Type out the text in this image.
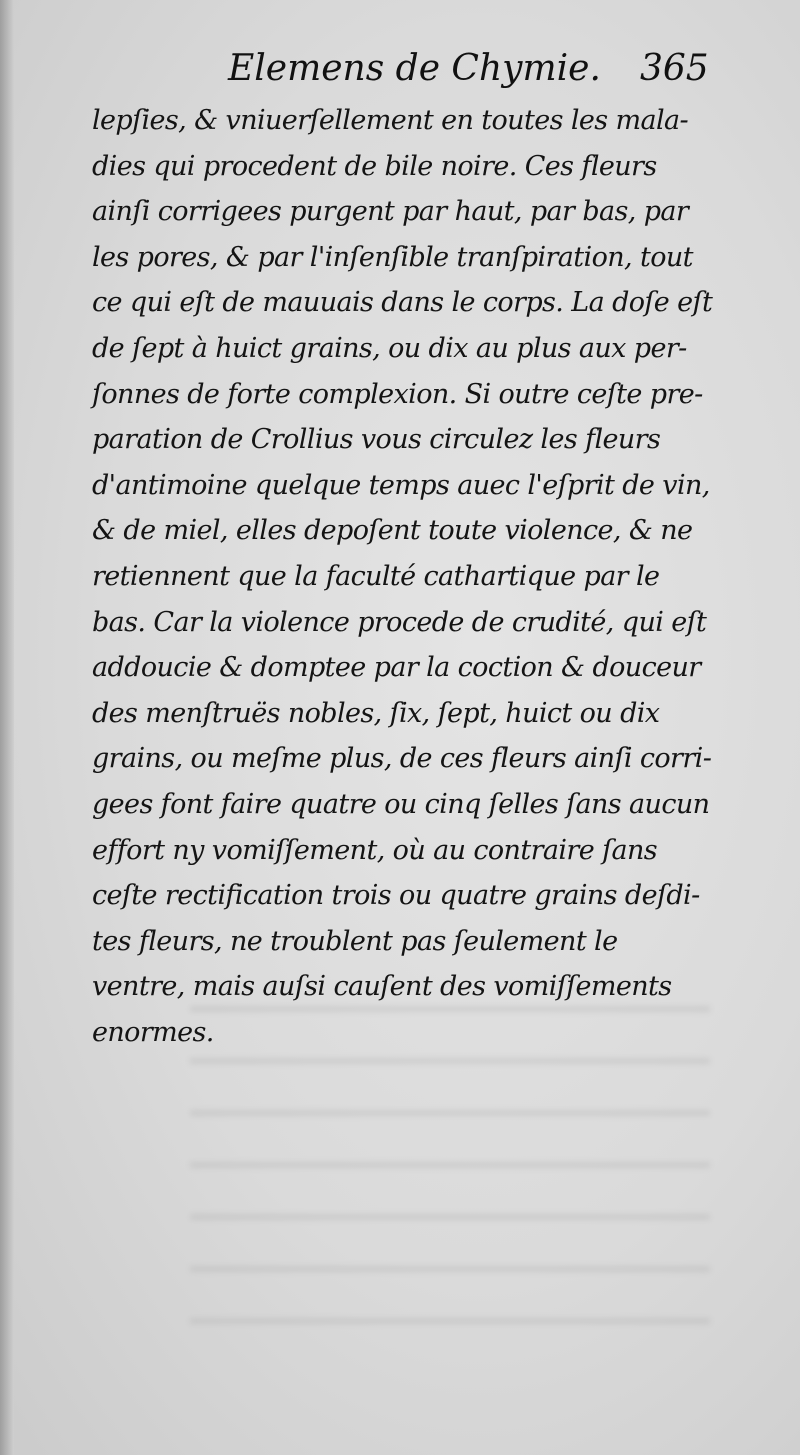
Elemens de Chymie. 365
lepſies, & vniuerſellement en toutes les mala-
dies qui procedent de bile noire. Ces fleurs
ainſi corrigees purgent par haut, par bas, par
les pores, & par l'inſenſible tranſpiration, tout
ce qui eſt de mauuais dans le corps. La doſe eſt
de ſept à huict grains, ou dix au plus aux per-
ſonnes de forte complexion. Si outre ceſte pre-
paration de Crollius vous circulez les fleurs
d'antimoine quelque temps auec l'eſprit de vin,
& de miel, elles depoſent toute violence, & ne
retiennent que la faculté cathartique par le
bas. Car la violence procede de crudité, qui eſt
addoucie & domptee par la coction & douceur
des menſtruës nobles, ſix, ſept, huict ou dix
grains, ou meſme plus, de ces fleurs ainſi corri-
gees font faire quatre ou cinq ſelles ſans aucun
effort ny vomiſſement, où au contraire ſans
ceſte rectification trois ou quatre grains deſdi-
tes fleurs, ne troublent pas ſeulement le
ventre, mais auſsi cauſent des vomiſſements
enormes.
